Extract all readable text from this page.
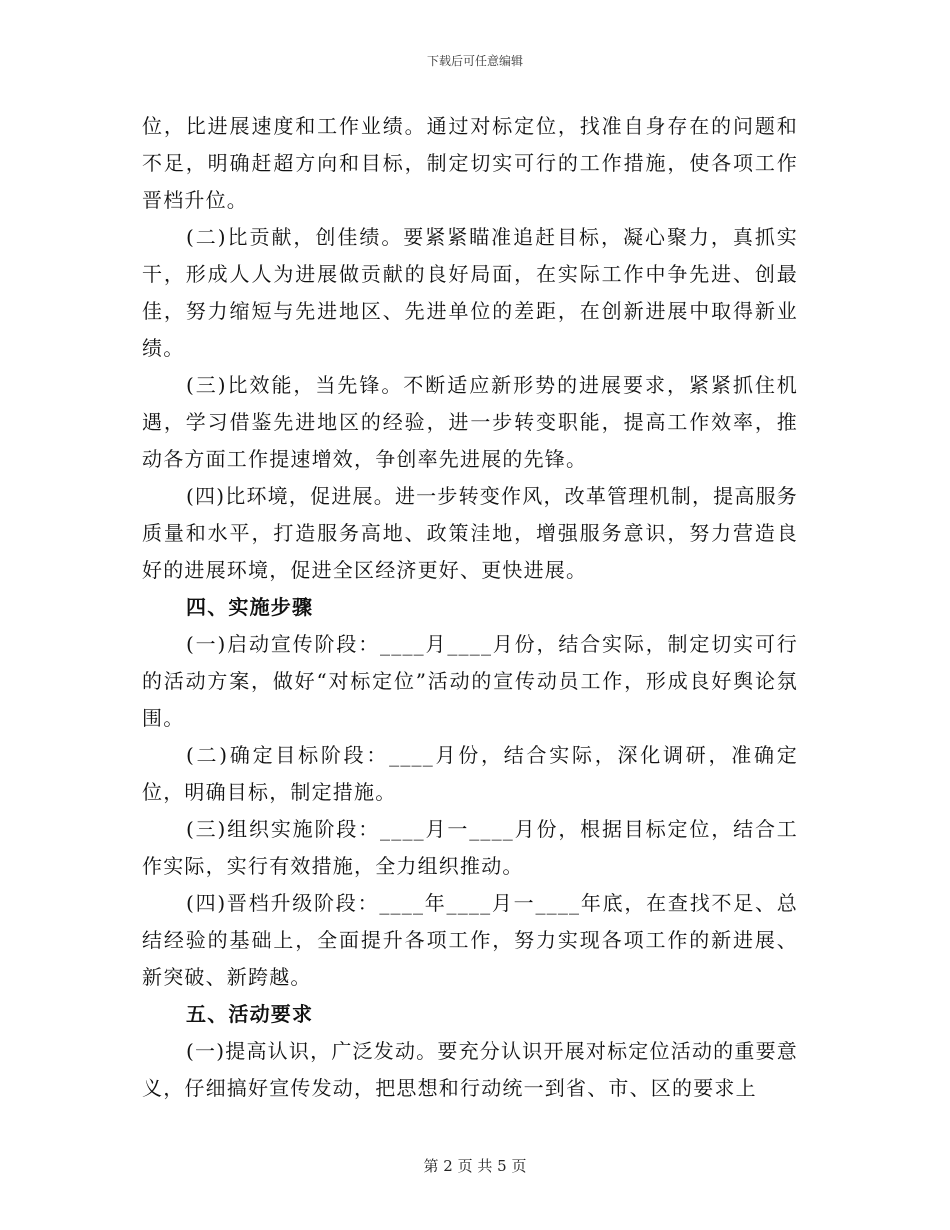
下载后可任意编辑

位，比进展速度和工作业绩。通过对标定位，找准自身存在的问题和不足，明确赶超方向和目标，制定切实可行的工作措施，使各项工作晋档升位。

(二)比贡献，创佳绩。要紧紧瞄准追赶目标，凝心聚力，真抓实干，形成人人为进展做贡献的良好局面，在实际工作中争先进、创最佳，努力缩短与先进地区、先进单位的差距，在创新进展中取得新业绩。

(三)比效能，当先锋。不断适应新形势的进展要求，紧紧抓住机遇，学习借鉴先进地区的经验，进一步转变职能，提高工作效率，推动各方面工作提速增效，争创率先进展的先锋。

(四)比环境，促进展。进一步转变作风，改革管理机制，提高服务质量和水平，打造服务高地、政策洼地，增强服务意识，努力营造良好的进展环境，促进全区经济更好、更快进展。

四、实施步骤

(一)启动宣传阶段：____月____月份，结合实际，制定切实可行的活动方案，做好“对标定位”活动的宣传动员工作，形成良好舆论氛围。

(二)确定目标阶段：____月份，结合实际，深化调研，准确定位，明确目标，制定措施。

(三)组织实施阶段：____月一____月份，根据目标定位，结合工作实际，实行有效措施，全力组织推动。

(四)晋档升级阶段：____年____月一____年底，在查找不足、总结经验的基础上，全面提升各项工作，努力实现各项工作的新进展、新突破、新跨越。

五、活动要求

(一)提高认识，广泛发动。要充分认识开展对标定位活动的重要意义，仔细搞好宣传发动，把思想和行动统一到省、市、区的要求上

第 2 页 共 5 页
